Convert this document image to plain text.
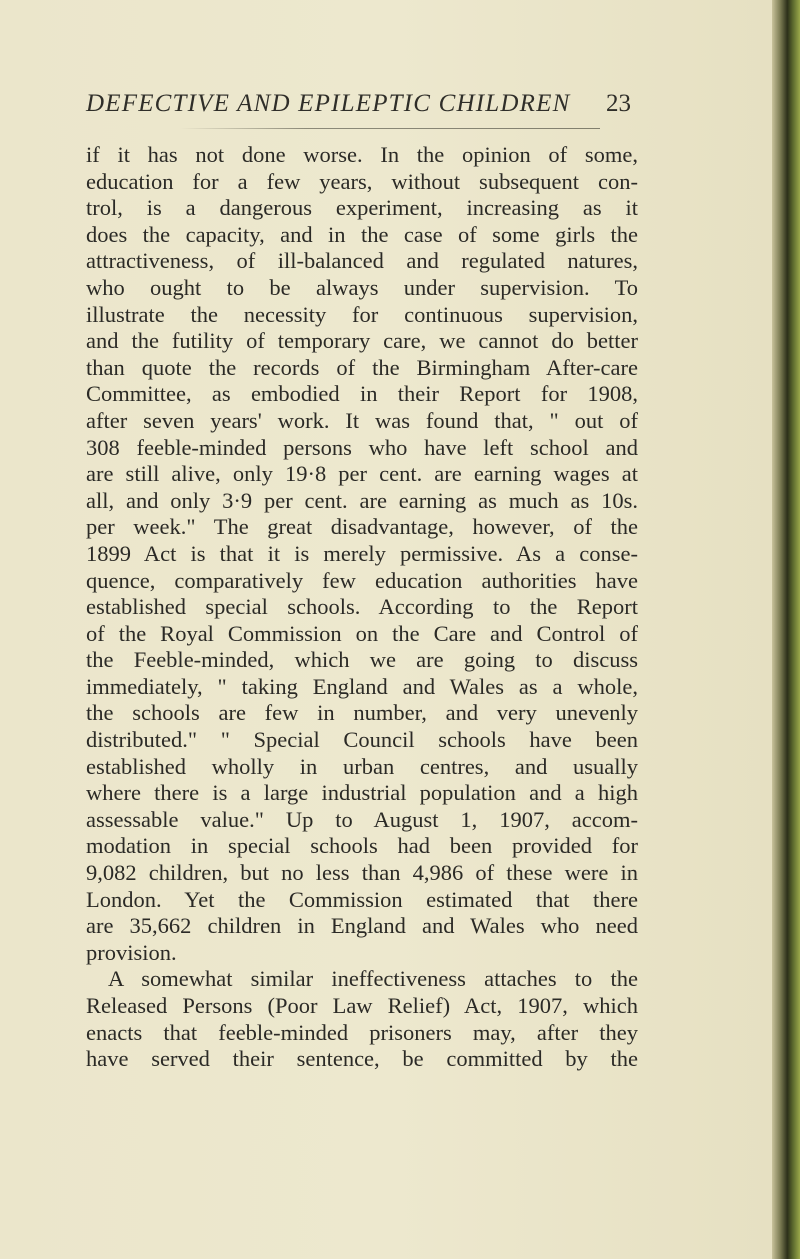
DEFECTIVE AND EPILEPTIC CHILDREN 23
if it has not done worse. In the opinion of some,
education for a few years, without subsequent con-
trol, is a dangerous experiment, increasing as it
does the capacity, and in the case of some girls the
attractiveness, of ill-balanced and regulated natures,
who ought to be always under supervision. To
illustrate the necessity for continuous supervision,
and the futility of temporary care, we cannot do better
than quote the records of the Birmingham After-care
Committee, as embodied in their Report for 1908,
after seven years' work. It was found that, " out of
308 feeble-minded persons who have left school and
are still alive, only 19·8 per cent. are earning wages at
all, and only 3·9 per cent. are earning as much as 10s.
per week." The great disadvantage, however, of the
1899 Act is that it is merely permissive. As a conse-
quence, comparatively few education authorities have
established special schools. According to the Report
of the Royal Commission on the Care and Control of
the Feeble-minded, which we are going to discuss
immediately, " taking England and Wales as a whole,
the schools are few in number, and very unevenly
distributed." " Special Council schools have been
established wholly in urban centres, and usually
where there is a large industrial population and a high
assessable value." Up to August 1, 1907, accom-
modation in special schools had been provided for
9,082 children, but no less than 4,986 of these were in
London. Yet the Commission estimated that there
are 35,662 children in England and Wales who need
provision.
A somewhat similar ineffectiveness attaches to the
Released Persons (Poor Law Relief) Act, 1907, which
enacts that feeble-minded prisoners may, after they
have served their sentence, be committed by the
